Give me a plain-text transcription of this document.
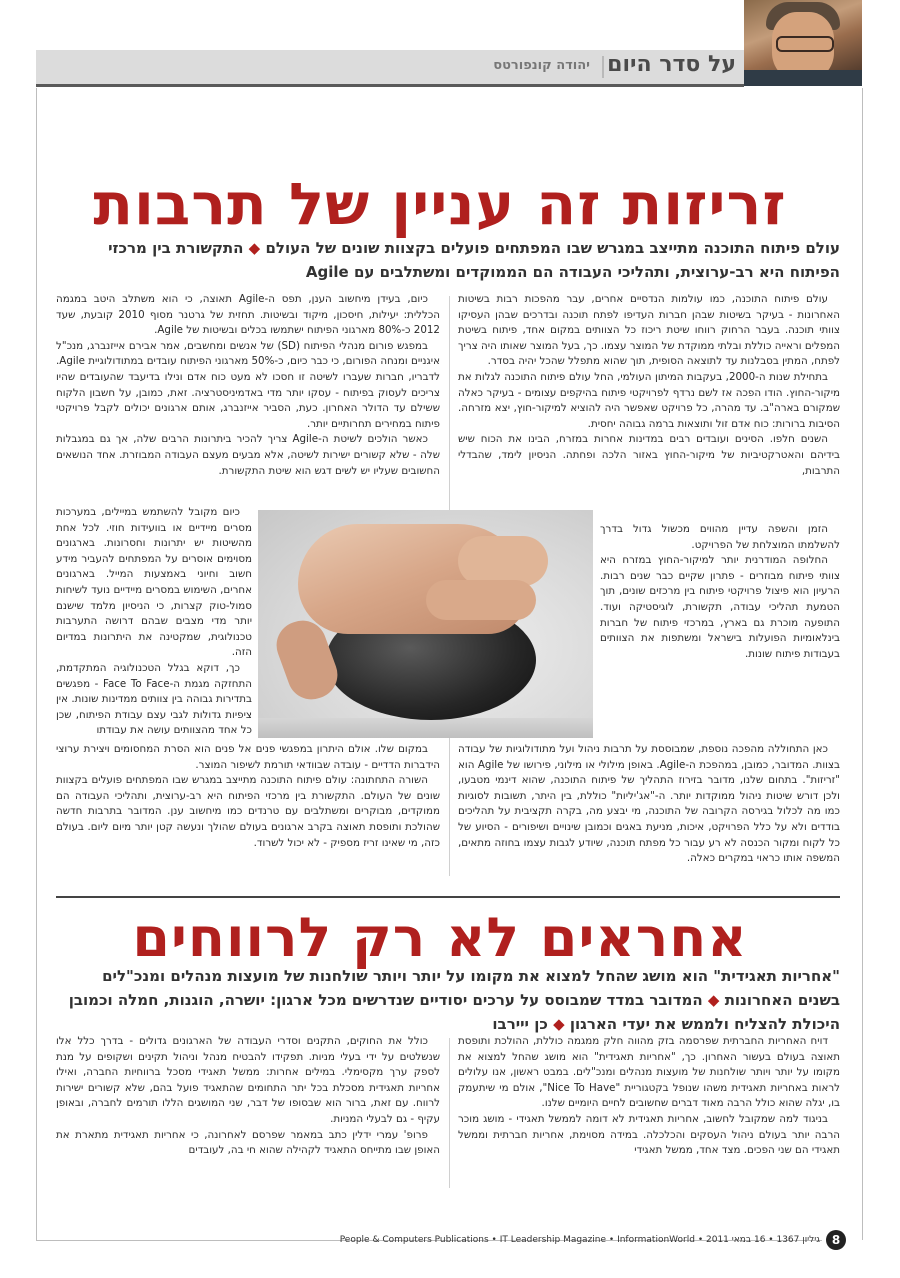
על סדר היום
יהודה קונפורטס
זריזות זה עניין של תרבות
עולם פיתוח התוכנה מתייצב במגרש שבו המפתחים פועלים בקצוות שונים של העולם ◆ התקשורת בין מרכזי הפיתוח היא רב-ערוצית, ותהליכי העבודה הם הממוקדים ומשתלבים עם Agile

עולם פיתוח התוכנה, כמו עולמות הנדסיים אחרים, עבר מהפכות רבות בשיטות האחרונות - בעיקר בשיטות שבהן חברות העדיפו לפתח תוכנה ובדרכים שבהן העסיקו צוותי תוכנה. בעבר הרחוק רווחו שיטת ריכוז כל הצוותים במקום אחד, פיתוח בשיטת המפלים וראייה כוללת ובלתי ממוקדת של המוצר עצמו. כך, בעל המוצר שאותו היה צריך לפתח, המתין בסבלנות עד לתוצאה הסופית, תוך שהוא מתפלל שהכל יהיה בסדר.

בתחילת שנות ה-2000, בעקבות המיתון העולמי, החל עולם פיתוח התוכנה לגלות את מיקור-החוץ. הודו הפכה אז לשם נרדף לפרויקטי פיתוח בהיקפים עצומים - בעיקר כאלה שמקורם בארה"ב. עד מהרה, כל פרויקט שאפשר היה להוציא למיקור-חוץ, יצא מזרחה. הסיבות ברורות: כוח אדם זול ותוצאות ברמה גבוהה יחסית.

השנים חלפו. הסינים ועובדים רבים במדינות אחרות במזרח, הבינו את הכוח שיש בידיהם והאטרקטיביות של מיקור-החוץ באזור הלכה ופחתה. הניסיון לימד, שהבדלי התרבות,

הזמן והשפה עדיין מהווים מכשול גדול בדרך להשלמתו המוצלחת של הפרויקט.

החלופה המודרנית יותר למיקור-החוץ במזרח היא צוותי פיתוח מבוזרים - פתרון שקיים כבר שנים רבות. הרעיון הוא פיצול פרויקטי פיתוח בין מרכזים שונים, תוך הטמעת תהליכי עבודה, תקשורת, לוגיסטיקה ועוד. התופעה מוכרת גם בארץ, במרכזי פיתוח של חברות בינלאומיות הפועלות בישראל ומשתפות את הצוותים בעבודות פיתוח שונות.

כאן התחוללה מהפכה נוספת, שמבוססת על תרבות ניהול ועל מתודולוגיות של עבודה בצוות. המדובר, כמובן, במהפכת ה-Agile. באופן מילולי או מילוני, פירושו של Agile הוא "זריזות". בתחום שלנו, מדובר בזירוז התהליך של פיתוח התוכנה, שהוא דינמי מטבעו, ולכן דורש שיטות ניהול ממוקדות יותר. ה-"אג'יליות" כוללת, בין היתר, תשובות לסוגיות כמו מה לכלול בגירסה הקרובה של התוכנה, מי יבצע מה, בקרה תקציבית על תהליכים בודדים ולא על כלל הפרויקט, איכות, מניעת באגים וכמובן שינויים ושיפורים - הסיוע של כל לקוח ומקור הכנסה לא רע עבור כל מפתח תוכנה, שיודע לגבות עצמו בחוזה מתאים, המשפה אותו כראוי במקרים כאלה.

כיום, בעידן מיחשוב הענן, תפס ה-Agile תאוצה, כי הוא משתלב היטב במגמה הכללית: יעילות, חיסכון, מיקוד ובשיטות. תחזית של גרטנר מסוף 2010 קובעת, שעד 2012 כ-80% מארגוני הפיתוח ישתמשו בכלים ובשיטות של Agile.

במפגש פורום מנהלי הפיתוח (SD) של אנשים ומחשבים, אמר אבירם אייזנברג, מנכ"ל איגניים ומנחה הפורום, כי כבר כיום, כ-50% מארגוני הפיתוח עובדים במתודולוגיית Agile. לדבריו, חברות שעברו לשיטה זו חסכו לא מעט כוח אדם ונילו בדיעבד שהעובדים שהיו צריכים לעסוק בפיתוח - עסקו יותר מדי באדמיניסטרציה. זאת, כמובן, על חשבון הלקוח ששילם עד הדולר האחרון. כעת, הסביר אייזנברג, אותם ארגונים יכולים לקבל פרויקטי פיתוח במחירים תחרותיים יותר.

כאשר הולכים לשיטת ה-Agile צריך להכיר ביתרונות הרבים שלה, אך גם במגבלות שלה - שלא קשורים ישירות לשיטה, אלא מבעים מעצם העבודה המבוזרת. אחד הנושאים החשובים שעליו יש לשים דגש הוא שיטת התקשורת.

כיום מקובל להשתמש במיילים, במערכות מסרים מיידיים או בוועידות חוזי. לכל אחת מהשיטות יש יתרונות וחסרונות. בארגונים מסוימים אוסרים על המפתחים להעביר מידע חשוב וחיוני באמצעות המייל. בארגונים אחרים, השימוש במסרים מיידיים נועד לשיחות סמול-טוק קצרות, כי הניסיון מלמד שישנם יותר מדי מצבים שבהם דרושה התערבות טכנולוגית, שמקטינה את היתרונות במדיום הזה.

כך, דוקא בגלל הטכנולוגיה המתקדמת, התחזקה מגמת ה-Face To Face - מפגשים בתדירות גבוהה בין צוותים ממדינות שונות. אין ציפיות גדולות לגבי עצם עבודת הפיתוח, שכן כל אחד מהצוותים עושה את עבודתו

במקום שלו. אולם היתרון במפגשי פנים אל פנים הוא הסרת המחסומים ויצירת ערוצי הידברות הדדיים - עובדה שבוודאי תורמת לשיפור המוצר.

השורה התחתונה: עולם פיתוח התוכנה מתייצב במגרש שבו המפתחים פועלים בקצוות שונים של העולם. התקשורת בין מרכזי הפיתוח היא רב-ערוצית, ותהליכי העבודה הם ממוקדים, מבוקרים ומשתלבים עם טרנדים כמו מיחשוב ענן. המדובר בתרבות חדשה שהולכת ותופסת תאוצה בקרב ארגונים בעולם שהולך ונעשה קטן יותר מיום ליום. בעולם כזה, מי שאינו זריז מספיק - לא יכול לשרוד.

אחראים לא רק לרווחים
"אחריות תאגידית" הוא מושג שהחל למצוא את מקומו על יותר ויותר שולחנות של מועצות מנהלים ומנכ"לים בשנים האחרונות ◆ המדובר במדד שמבוסס על ערכים יסודיים שנדרשים מכל ארגון: יושרה, הוגנות, חמלה וכמובן היכולת להצליח ולממש את יעדי הארגון ◆ כן ייירבו

דויח האחריות החברתית שפרסמה בזק מהווה חלק ממגמה כוללת, ההולכת ותופסת תאוצה בעולם בעשור האחרון. כך, "אחריות תאגידית" הוא מושג שהחל למצוא את מקומו על יותר ויותר שולחנות של מועצות מנהלים ומנכ"לים. במבט ראשון, אנו עלולים לראות באחריות תאגידית משהו שנופל בקטגוריית "Nice To Have", אולם מי שיתעמק בו, יגלה שהוא כולל הרבה מאוד דברים שחשובים לחיים היומיים שלנו.

בניגוד למה שמקובל לחשוב, אחריות תאגידית לא דומה לממשל תאגידי - מושג מוכר הרבה יותר בעולם ניהול העסקים והכלכלה. במידה מסוימת, אחריות חברתית וממשל תאגידי הם שני הפכים. מצד אחד, ממשל תאגידי

כולל את החוקים, התקנים וסדרי העבודה של הארגונים גדולים - בדרך כלל אלו שנשלטים על ידי בעלי מניות. תפקידו להבטיח מנהל וניהול תקינים ושקופים על מנת לספק ערך מקסימלי. במילים אחרות: ממשל תאגידי מסכל ברווחיות החברה, ואילו אחריות תאגידית מסכלת בכל יתר התחומים שהתאגיד פועל בהם, שלא קשורים ישירות לרווח. עם זאת, ברור הוא שבסופו של דבר, שני המושגים הללו תורמים לחברה, ובאופן עקיף - גם לבעלי המניות.

פרופ' עמרי ידלין כתב במאמר שפרסם לאחרונה, כי אחריות תאגידית מתארת את האופן שבו מתייחס התאגיד לקהילה שהוא חי בה, לעובדים

גיליון 1367 • 16 במאי 2011 • People & Computers Publications • IT Leadership Magazine • InformationWorld 8
